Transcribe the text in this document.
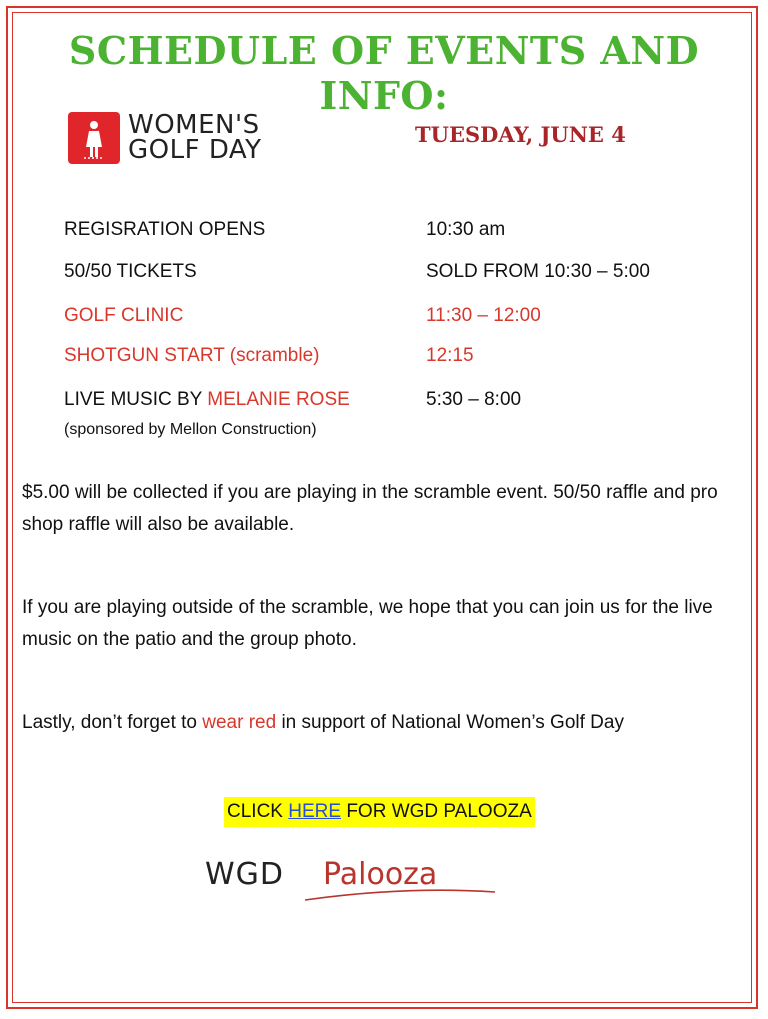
SCHEDULE OF EVENTS AND INFO:
WOMEN'S
GOLF DAY
TUESDAY, JUNE 4
REGISRATION OPENS	10:30 am
50/50 TICKETS	SOLD FROM 10:30 – 5:00
GOLF CLINIC	11:30 – 12:00
SHOTGUN START (scramble)	12:15
LIVE MUSIC BY MELANIE ROSE	5:30 – 8:00
(sponsored by Mellon Construction)
$5.00 will be collected if you are playing in the scramble event. 50/50 raffle and pro shop raffle will also be available.
If you are playing outside of the scramble, we hope that you can join us for the live music on the patio and the group photo.
Lastly, don’t forget to wear red in support of National Women’s Golf Day
CLICK HERE FOR WGD PALOOZA
WGD Palooza
